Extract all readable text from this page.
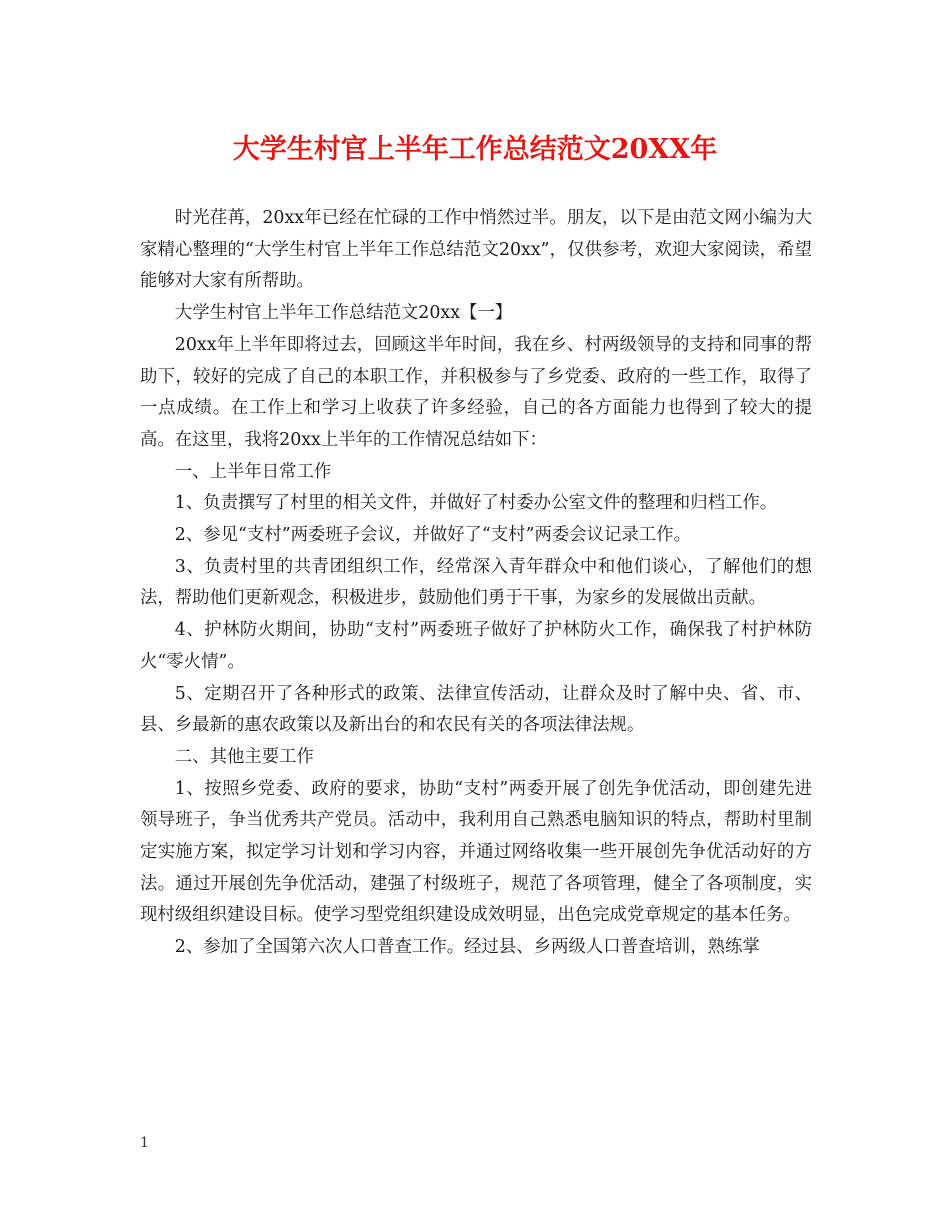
大学生村官上半年工作总结范文20XX年

时光荏苒，20xx年已经在忙碌的工作中悄然过半。朋友，以下是由范文网小编为大家精心整理的“大学生村官上半年工作总结范文20xx”，仅供参考，欢迎大家阅读，希望能够对大家有所帮助。

大学生村官上半年工作总结范文20xx【一】

20xx年上半年即将过去，回顾这半年时间，我在乡、村两级领导的支持和同事的帮助下，较好的完成了自己的本职工作，并积极参与了乡党委、政府的一些工作，取得了一点成绩。在工作上和学习上收获了许多经验，自己的各方面能力也得到了较大的提高。在这里，我将20xx上半年的工作情况总结如下：

一、上半年日常工作

1、负责撰写了村里的相关文件，并做好了村委办公室文件的整理和归档工作。

2、参见“支村”两委班子会议，并做好了“支村”两委会议记录工作。

3、负责村里的共青团组织工作，经常深入青年群众中和他们谈心，了解他们的想法，帮助他们更新观念，积极进步，鼓励他们勇于干事，为家乡的发展做出贡献。

4、护林防火期间，协助“支村”两委班子做好了护林防火工作，确保我了村护林防火“零火情”。

5、定期召开了各种形式的政策、法律宣传活动，让群众及时了解中央、省、市、县、乡最新的惠农政策以及新出台的和农民有关的各项法律法规。

二、其他主要工作

1、按照乡党委、政府的要求，协助“支村”两委开展了创先争优活动，即创建先进领导班子，争当优秀共产党员。活动中，我利用自己熟悉电脑知识的特点，帮助村里制定实施方案，拟定学习计划和学习内容，并通过网络收集一些开展创先争优活动好的方法。通过开展创先争优活动，建强了村级班子，规范了各项管理，健全了各项制度，实现村级组织建设目标。使学习型党组织建设成效明显，出色完成党章规定的基本任务。

2、参加了全国第六次人口普查工作。经过县、乡两级人口普查培训，熟练掌

1
